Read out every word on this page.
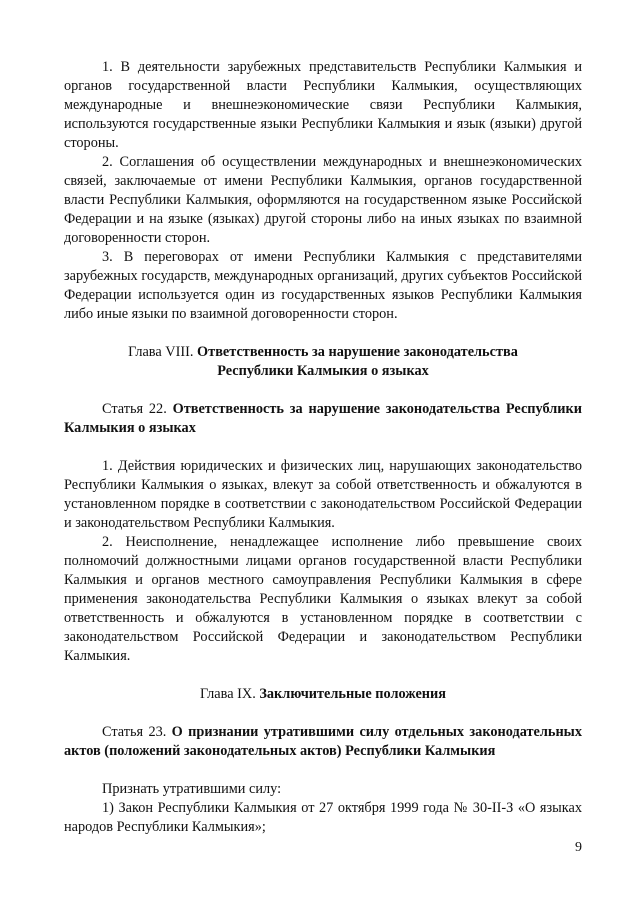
1. В деятельности зарубежных представительств Республики Калмыкия и органов государственной власти Республики Калмыкия, осуществляющих международные и внешнеэкономические связи Республики Калмыкия, используются государственные языки Республики Калмыкия и язык (языки) другой стороны.

2. Соглашения об осуществлении международных и внешнеэкономических связей, заключаемые от имени Республики Калмыкия, органов государственной власти Республики Калмыкия, оформляются на государственном языке Российской Федерации и на языке (языках) другой стороны либо на иных языках по взаимной договоренности сторон.

3. В переговорах от имени Республики Калмыкия с представителями зарубежных государств, международных организаций, других субъектов Российской Федерации используется один из государственных языков Республики Калмыкия либо иные языки по взаимной договоренности сторон.

Глава VIII. Ответственность за нарушение законодательства
Республики Калмыкия о языках

Статья 22. Ответственность за нарушение законодательства Республики Калмыкия о языках

1. Действия юридических и физических лиц, нарушающих законодательство Республики Калмыкия о языках, влекут за собой ответственность и обжалуются в установленном порядке в соответствии с законодательством Российской Федерации и законодательством Республики Калмыкия.

2. Неисполнение, ненадлежащее исполнение либо превышение своих полномочий должностными лицами органов государственной власти Республики Калмыкия и органов местного самоуправления Республики Калмыкия в сфере применения законодательства Республики Калмыкия о языках влекут за собой ответственность и обжалуются в установленном порядке в соответствии с законодательством Российской Федерации и законодательством Республики Калмыкия.

Глава IX. Заключительные положения

Статья 23. О признании утратившими силу отдельных законодательных актов (положений законодательных актов) Республики Калмыкия

Признать утратившими силу:

1) Закон Республики Калмыкия от 27 октября 1999 года № 30-II-З «О языках народов Республики Калмыкия»;

9
